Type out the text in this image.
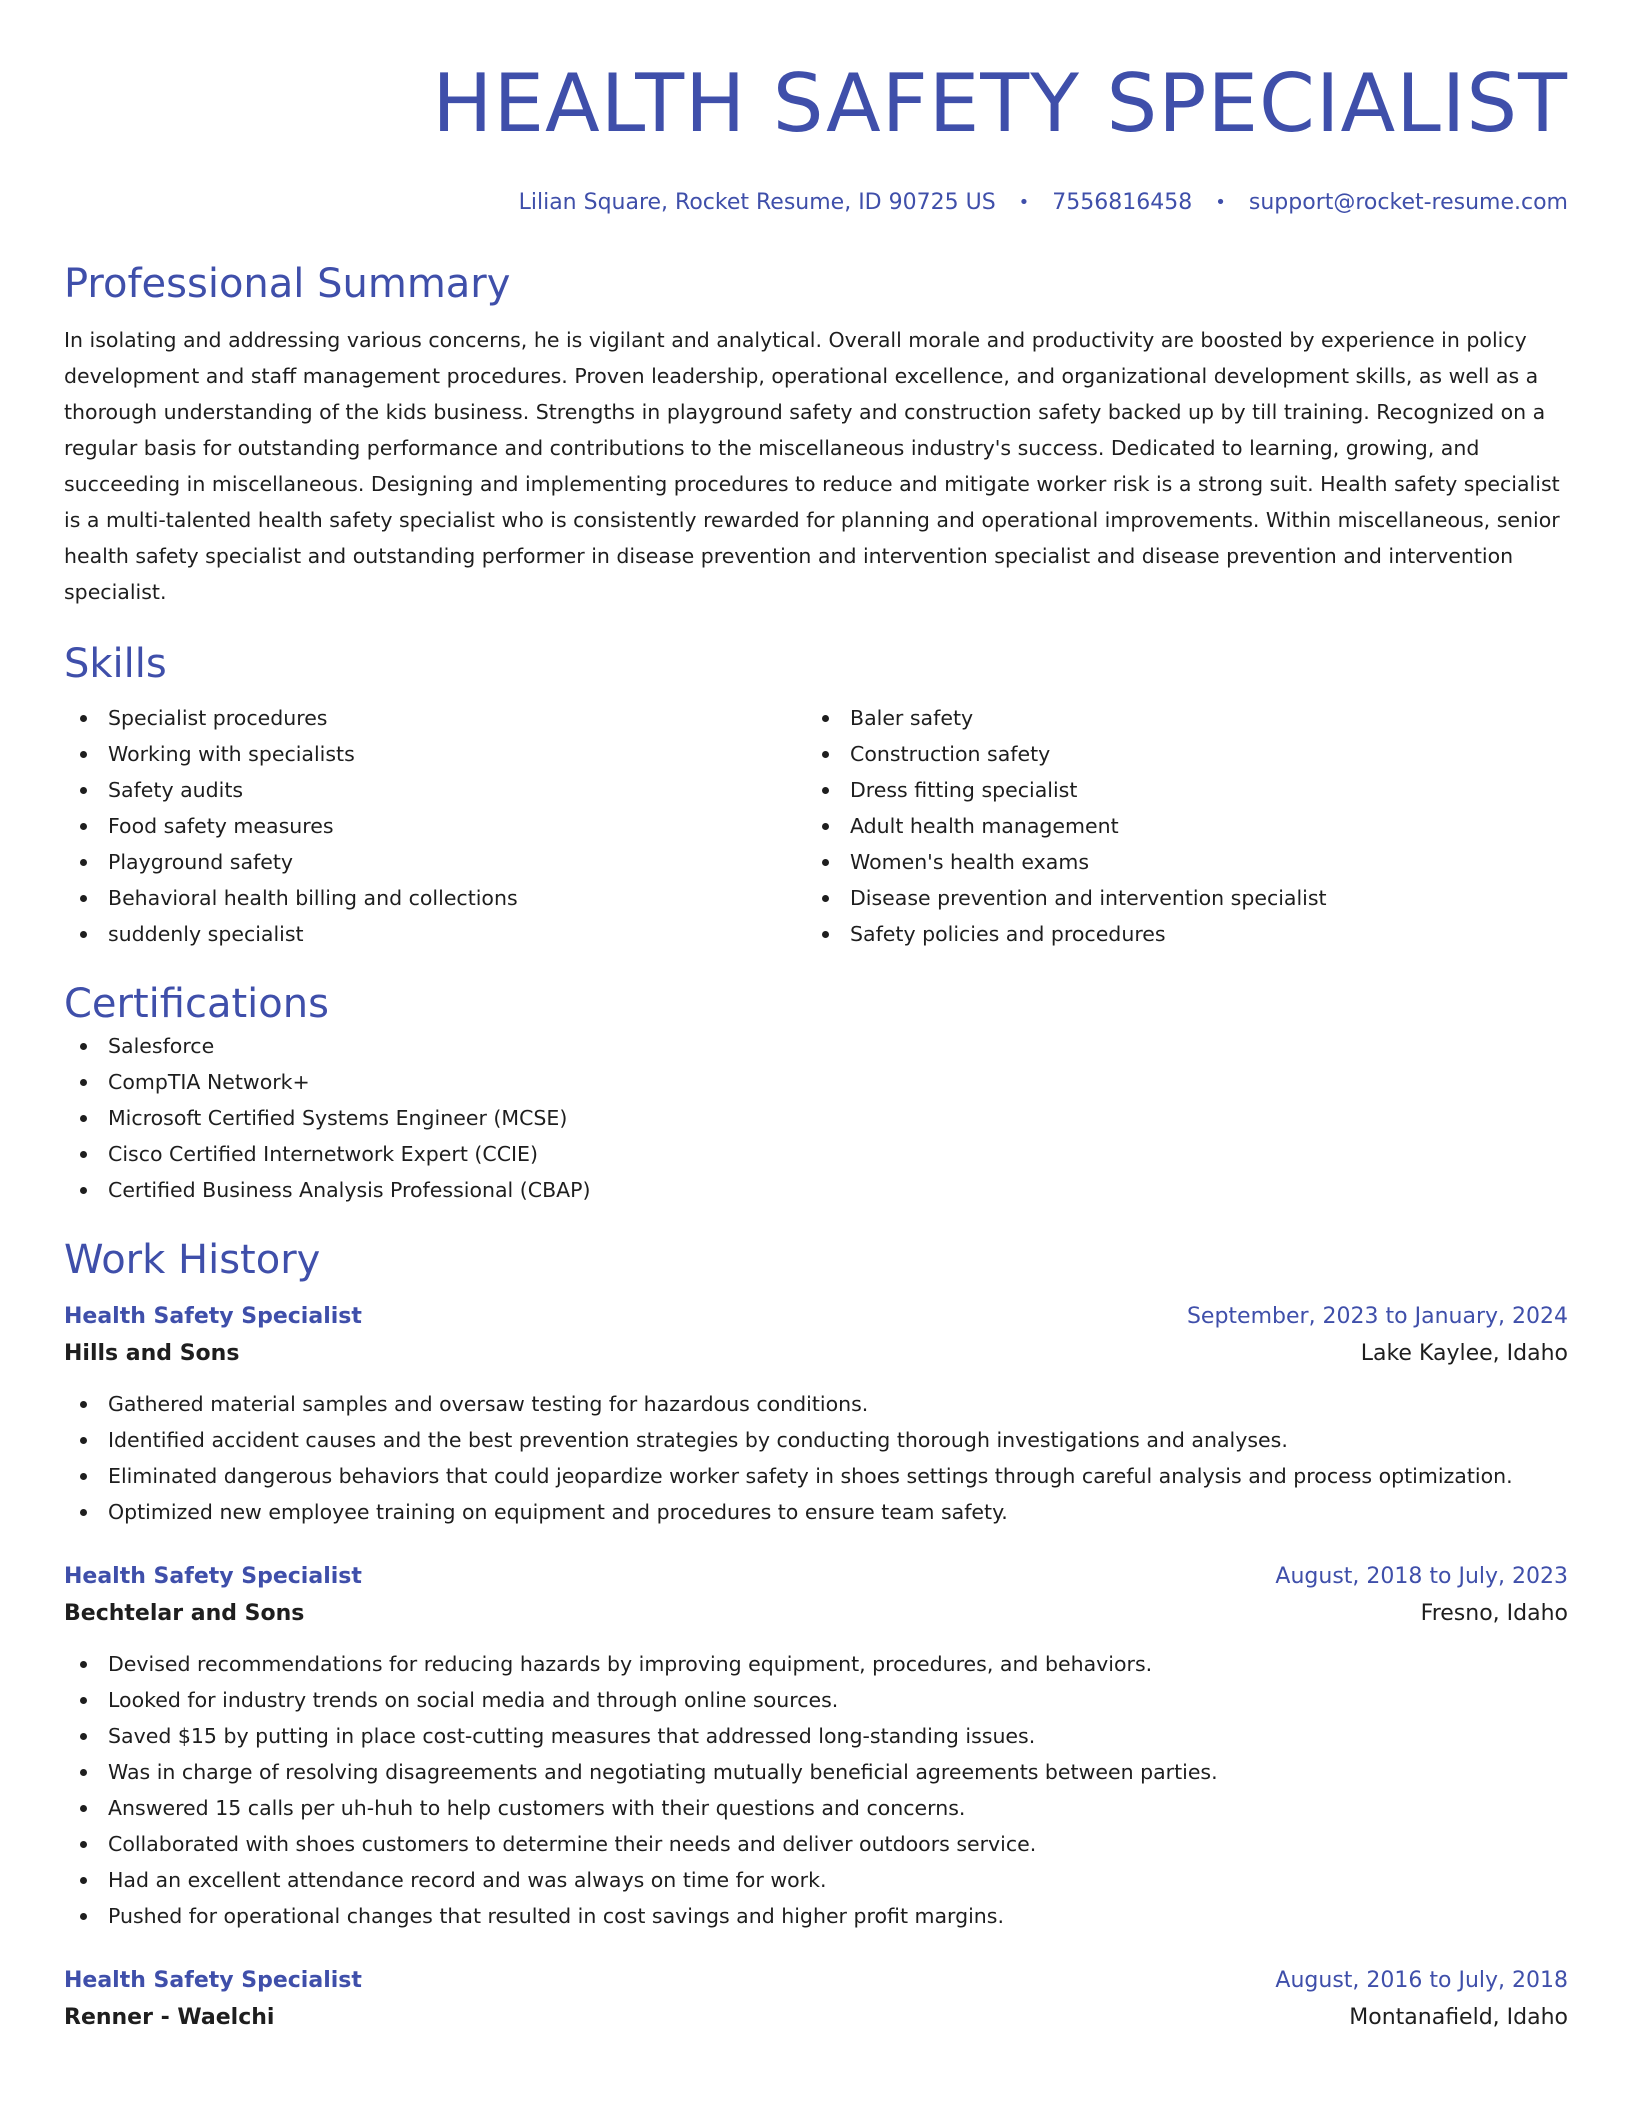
HEALTH SAFETY SPECIALIST
Lilian Square, Rocket Resume, ID 90725 US • 7556816458 • support@rocket-resume.com
Professional Summary
In isolating and addressing various concerns, he is vigilant and analytical. Overall morale and productivity are boosted by experience in policy development and staff management procedures. Proven leadership, operational excellence, and organizational development skills, as well as a thorough understanding of the kids business. Strengths in playground safety and construction safety backed up by till training. Recognized on a regular basis for outstanding performance and contributions to the miscellaneous industry's success. Dedicated to learning, growing, and succeeding in miscellaneous. Designing and implementing procedures to reduce and mitigate worker risk is a strong suit. Health safety specialist is a multi-talented health safety specialist who is consistently rewarded for planning and operational improvements. Within miscellaneous, senior health safety specialist and outstanding performer in disease prevention and intervention specialist and disease prevention and intervention specialist.
Skills
Specialist procedures
Working with specialists
Safety audits
Food safety measures
Playground safety
Behavioral health billing and collections
suddenly specialist
Baler safety
Construction safety
Dress fitting specialist
Adult health management
Women's health exams
Disease prevention and intervention specialist
Safety policies and procedures
Certifications
Salesforce
CompTIA Network+
Microsoft Certified Systems Engineer (MCSE)
Cisco Certified Internetwork Expert (CCIE)
Certified Business Analysis Professional (CBAP)
Work History
Health Safety Specialist	September, 2023 to January, 2024
Hills and Sons	Lake Kaylee, Idaho
Gathered material samples and oversaw testing for hazardous conditions.
Identified accident causes and the best prevention strategies by conducting thorough investigations and analyses.
Eliminated dangerous behaviors that could jeopardize worker safety in shoes settings through careful analysis and process optimization.
Optimized new employee training on equipment and procedures to ensure team safety.
Health Safety Specialist	August, 2018 to July, 2023
Bechtelar and Sons	Fresno, Idaho
Devised recommendations for reducing hazards by improving equipment, procedures, and behaviors.
Looked for industry trends on social media and through online sources.
Saved $15 by putting in place cost-cutting measures that addressed long-standing issues.
Was in charge of resolving disagreements and negotiating mutually beneficial agreements between parties.
Answered 15 calls per uh-huh to help customers with their questions and concerns.
Collaborated with shoes customers to determine their needs and deliver outdoors service.
Had an excellent attendance record and was always on time for work.
Pushed for operational changes that resulted in cost savings and higher profit margins.
Health Safety Specialist	August, 2016 to July, 2018
Renner - Waelchi	Montanafield, Idaho
